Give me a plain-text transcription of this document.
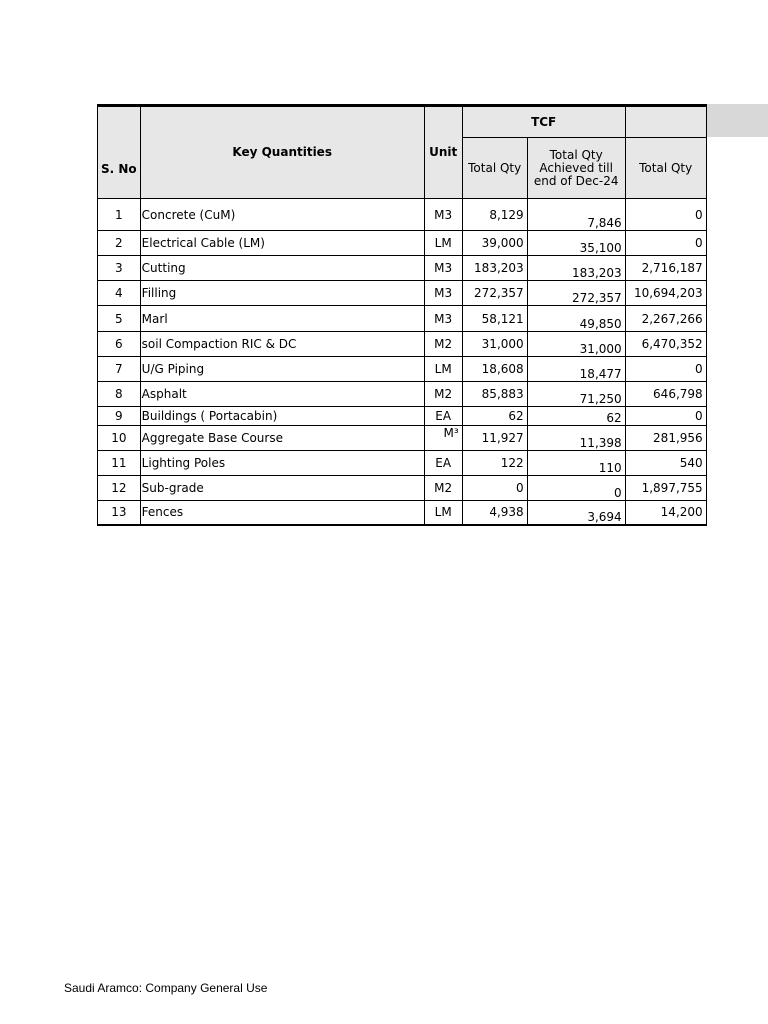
S. No	Key Quantities	Unit	TCF		
			Total Qty	Total Qty Achieved till end of Dec-24	Total Qty
1	Concrete (CuM)	M3	8,129	7,846	0
2	Electrical Cable (LM)	LM	39,000	35,100	0
3	Cutting	M3	183,203	183,203	2,716,187
4	Filling	M3	272,357	272,357	10,694,203
5	Marl	M3	58,121	49,850	2,267,266
6	soil Compaction RIC & DC	M2	31,000	31,000	6,470,352
7	U/G Piping	LM	18,608	18,477	0
8	Asphalt	M2	85,883	71,250	646,798
9	Buildings ( Portacabin)	EA	62	62	0
10	Aggregate Base Course	M³	11,927	11,398	281,956
11	Lighting Poles	EA	122	110	540
12	Sub-grade	M2	0	0	1,897,755
13	Fences	LM	4,938	3,694	14,200
Saudi Aramco: Company General Use
